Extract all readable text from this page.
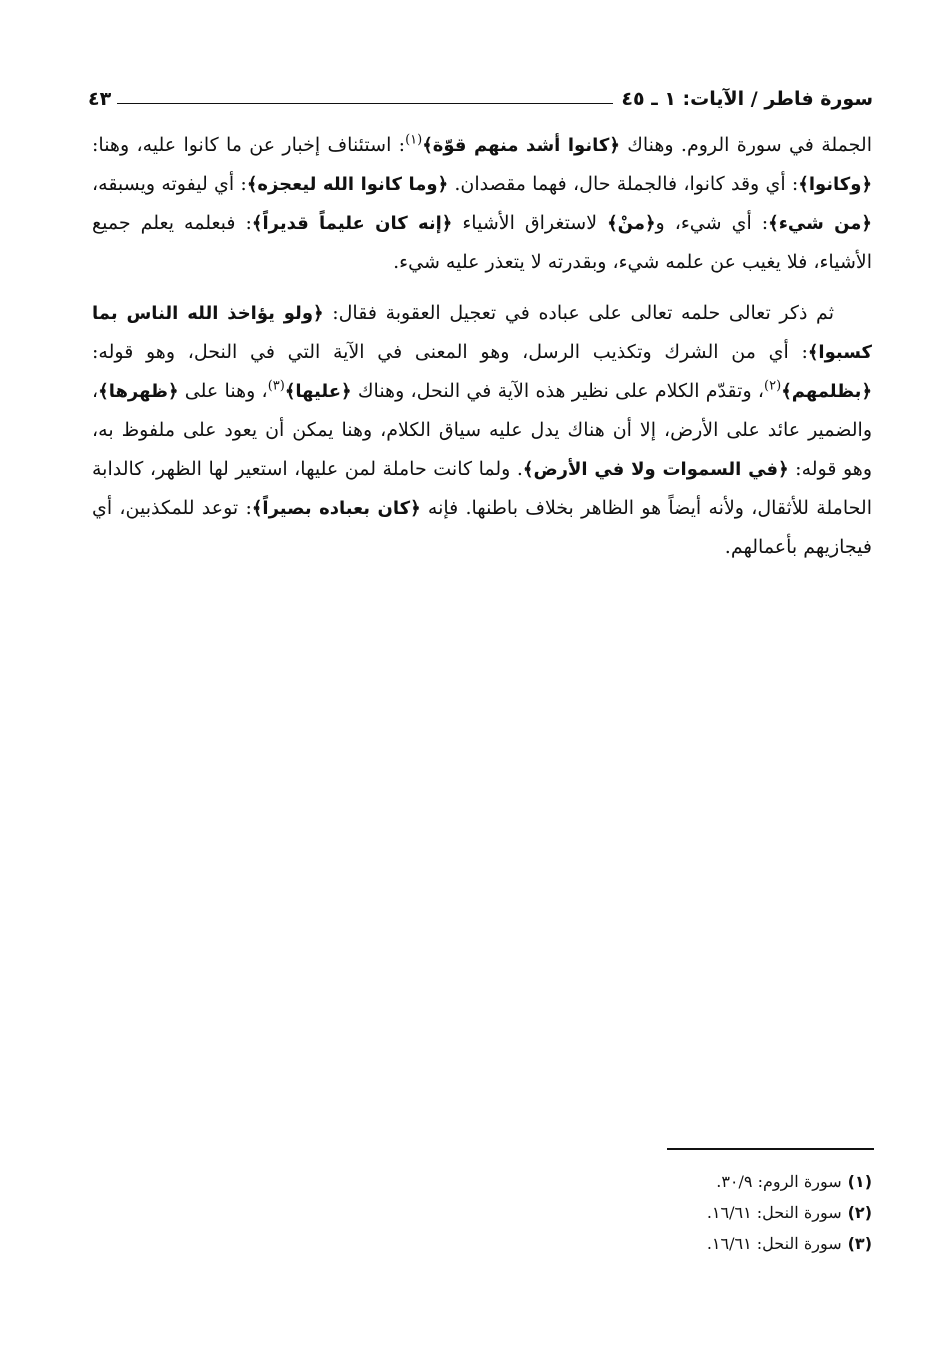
سورة فاطر / الآيات: ١ ـ ٤٥
٤٣

الجملة في سورة الروم. وهناك ﴿كانوا أشد منهم قوّة﴾$^{(١)}$: استئناف إخبار عن ما كانوا عليه، وهنا: ﴿وكانوا﴾: أي وقد كانوا، فالجملة حال، فهما مقصدان. ﴿وما كانوا الله ليعجزه﴾: أي ليفوته ويسبقه، ﴿من شيء﴾: أي شيء، و﴿منْ﴾ لاستغراق الأشياء ﴿إنه كان عليماً قديراً﴾: فبعلمه يعلم جميع الأشياء، فلا يغيب عن علمه شيء، وبقدرته لا يتعذر عليه شيء.

ثم ذكر تعالى حلمه تعالى على عباده في تعجيل العقوبة فقال: ﴿ولو يؤاخذ الله الناس بما كسبوا﴾: أي من الشرك وتكذيب الرسل، وهو المعنى في الآية التي في النحل، وهو قوله: ﴿بظلمهم﴾$^{(٢)}$، وتقدّم الكلام على نظير هذه الآية في النحل، وهناك ﴿عليها﴾$^{(٣)}$، وهنا على ﴿ظهرها﴾، والضمير عائد على الأرض، إلا أن هناك يدل عليه سياق الكلام، وهنا يمكن أن يعود على ملفوظ به، وهو قوله: ﴿في السموات ولا في الأرض﴾. ولما كانت حاملة لمن عليها، استعير لها الظهر، كالدابة الحاملة للأثقال، ولأنه أيضاً هو الظاهر بخلاف باطنها. فإنه ﴿كان بعباده بصيراً﴾: توعد للمكذبين، أي فيجازيهم بأعمالهم.

(١)سورة الروم: ٣٠/٩.
(٢)سورة النحل: ١٦/٦١.
(٣)سورة النحل: ١٦/٦١.
